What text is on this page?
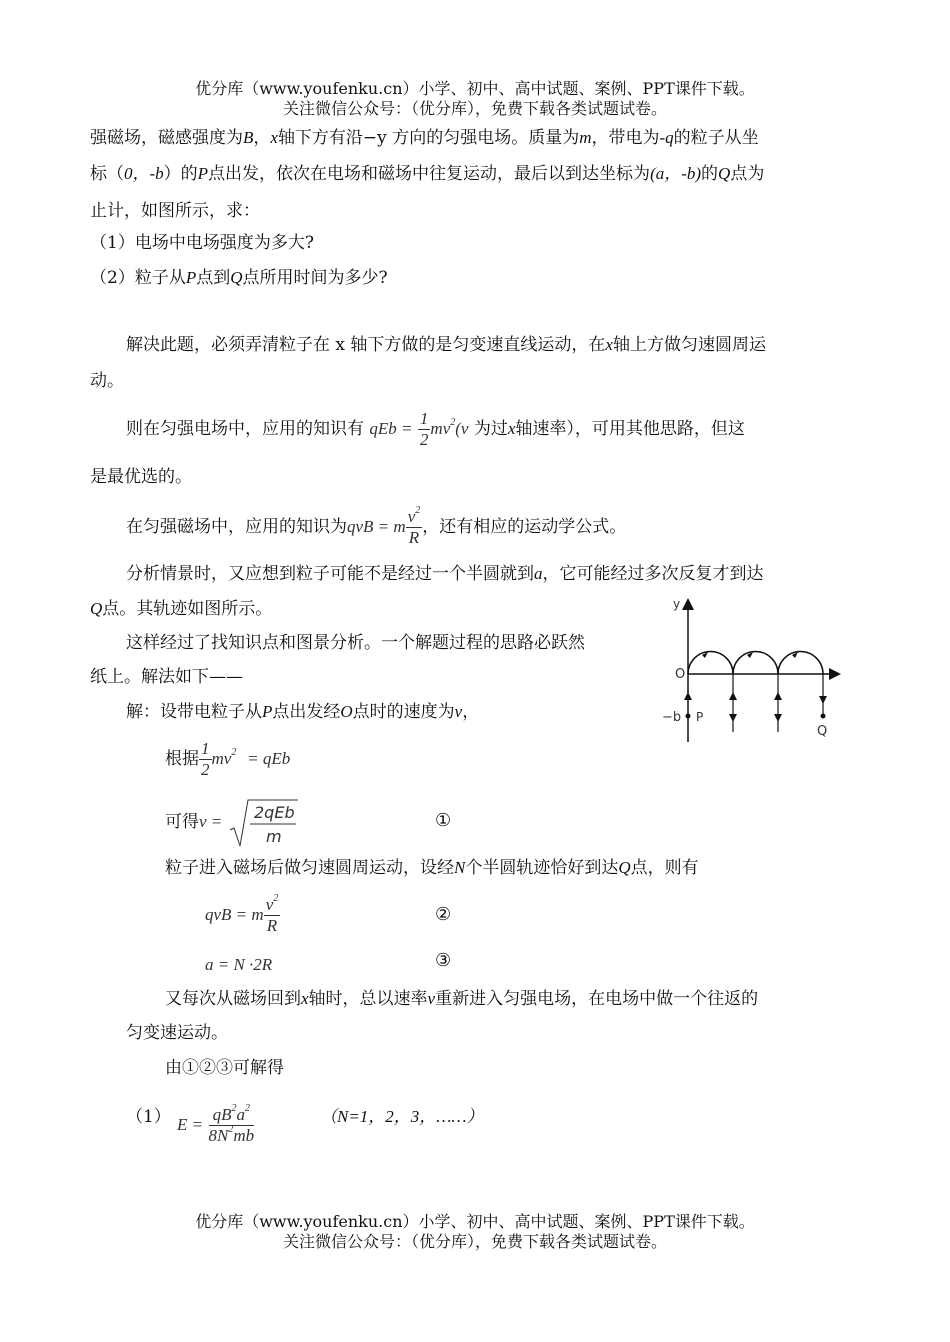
优分库（www.youfenku.cn）小学、初中、高中试题、案例、PPT课件下载。
关注微信公众号：（优分库），免费下载各类试题试卷。
强磁场，磁感强度为B，x轴下方有沿−y 方向的匀强电场。质量为m，带电为-q的粒子从坐
标（0，-b）的P点出发，依次在电场和磁场中往复运动，最后以到达坐标为(a，-b)的Q点为
止计，如图所示，求：
（1）电场中电场强度为多大?
（2）粒子从P点到Q点所用时间为多少?
解决此题，必须弄清粒子在 x 轴下方做的是匀变速直线运动，在x轴上方做匀速圆周运
动。
则在匀强电场中，应用的知识有 qEb = $\frac{1}{2} mv^2(v$ 为过x轴速率），可用其他思路，但这
是最优选的。
在匀强磁场中，应用的知识为qvB = m $\frac{v^2}{R}$ ，还有相应的运动学公式。
分析情景时，又应想到粒子可能不是经过一个半圆就到a，它可能经过多次反复才到达
Q点。其轨迹如图所示。
这样经过了找知识点和图景分析。一个解题过程的思路必跃然
纸上。解法如下——
y
O
−b P
Q
解：设带电粒子从P点出发经O点时的速度为v，
根据 $\frac{1}{2} mv^2$ = qEb
可得v = 2qEb
m
①
粒子进入磁场后做匀速圆周运动，设经N个半圆轨迹恰好到达Q点，则有
qvB = m $\frac{v^2}{R}$	②
a = N ·2R	③
又每次从磁场回到x轴时，总以速率v重新进入匀强电场，在电场中做一个往返的
匀变速运动。
由①②③可解得
（1） $E = \frac{qB^2a^2}{8N^2mb}$	（N=1，2，3，……）
优分库（www.youfenku.cn）小学、初中、高中试题、案例、PPT课件下载。
关注微信公众号：（优分库），免费下载各类试题试卷。
